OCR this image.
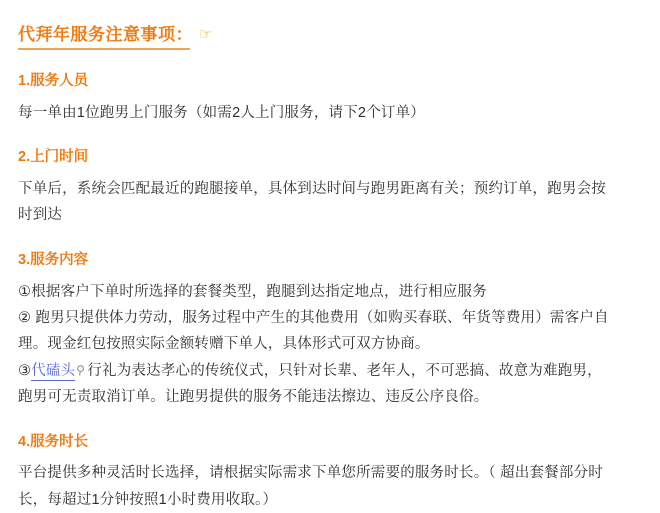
代拜年服务注意事项： ☞
1.服务人员

每一单由1位跑男上门服务（如需2人上门服务，请下2个订单）

2.上门时间

下单后，系统会匹配最近的跑腿接单，具体到达时间与跑男距离有关；预约订单，跑男会按

时到达

3.服务内容

①根据客户下单时所选择的套餐类型，跑腿到达指定地点，进行相应服务

② 跑男只提供体力劳动，服务过程中产生的其他费用（如购买春联、年货等费用）需客户自

理。现金红包按照实际金额转赠下单人，具体形式可双方协商。

③代磕头⚲行礼为表达孝心的传统仪式，只针对长辈、老年人，不可恶搞、故意为难跑男，

跑男可无责取消订单。让跑男提供的服务不能违法擦边、违反公序良俗。

4.服务时长

平台提供多种灵活时长选择，请根据实际需求下单您所需要的服务时长。（ 超出套餐部分时

长，每超过1分钟按照1小时费用收取。）
